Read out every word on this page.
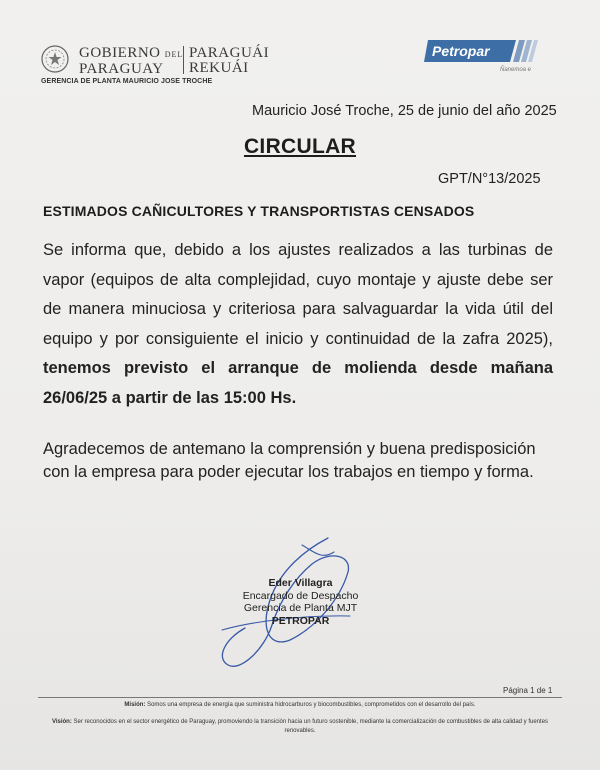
GOBIERNO DEL
PARAGUAY
PARAGUÁI
REKUÁI
GERENCIA DE PLANTA MAURICIO JOSE TROCHE
Petropar
Ñanemoa e
Mauricio José Troche, 25 de junio del año 2025
CIRCULAR
GPT/N°13/2025
ESTIMADOS CAÑICULTORES Y TRANSPORTISTAS CENSADOS
Se informa que, debido a los ajustes realizados a las turbinas de vapor (equipos de alta complejidad, cuyo montaje y ajuste debe ser de manera minuciosa y criteriosa para salvaguardar la vida útil del equipo y por consiguiente el inicio y continuidad de la zafra 2025), tenemos previsto el arranque de molienda desde mañana 26/06/25 a partir de las 15:00 Hs.
Agradecemos de antemano la comprensión y buena predisposición con la empresa para poder ejecutar los trabajos en tiempo y forma.
Eder Villagra
Encargado de Despacho
Gerencia de Planta MJT
PETROPAR
Página 1 de 1
Misión: Somos una empresa de energía que suministra hidrocarburos y biocombustibles, comprometidos con el desarrollo del país.
Visión: Ser reconocidos en el sector energético de Paraguay, promoviendo la transición hacia un futuro sostenible, mediante la comercialización de combustibles de alta calidad y fuentes renovables.
